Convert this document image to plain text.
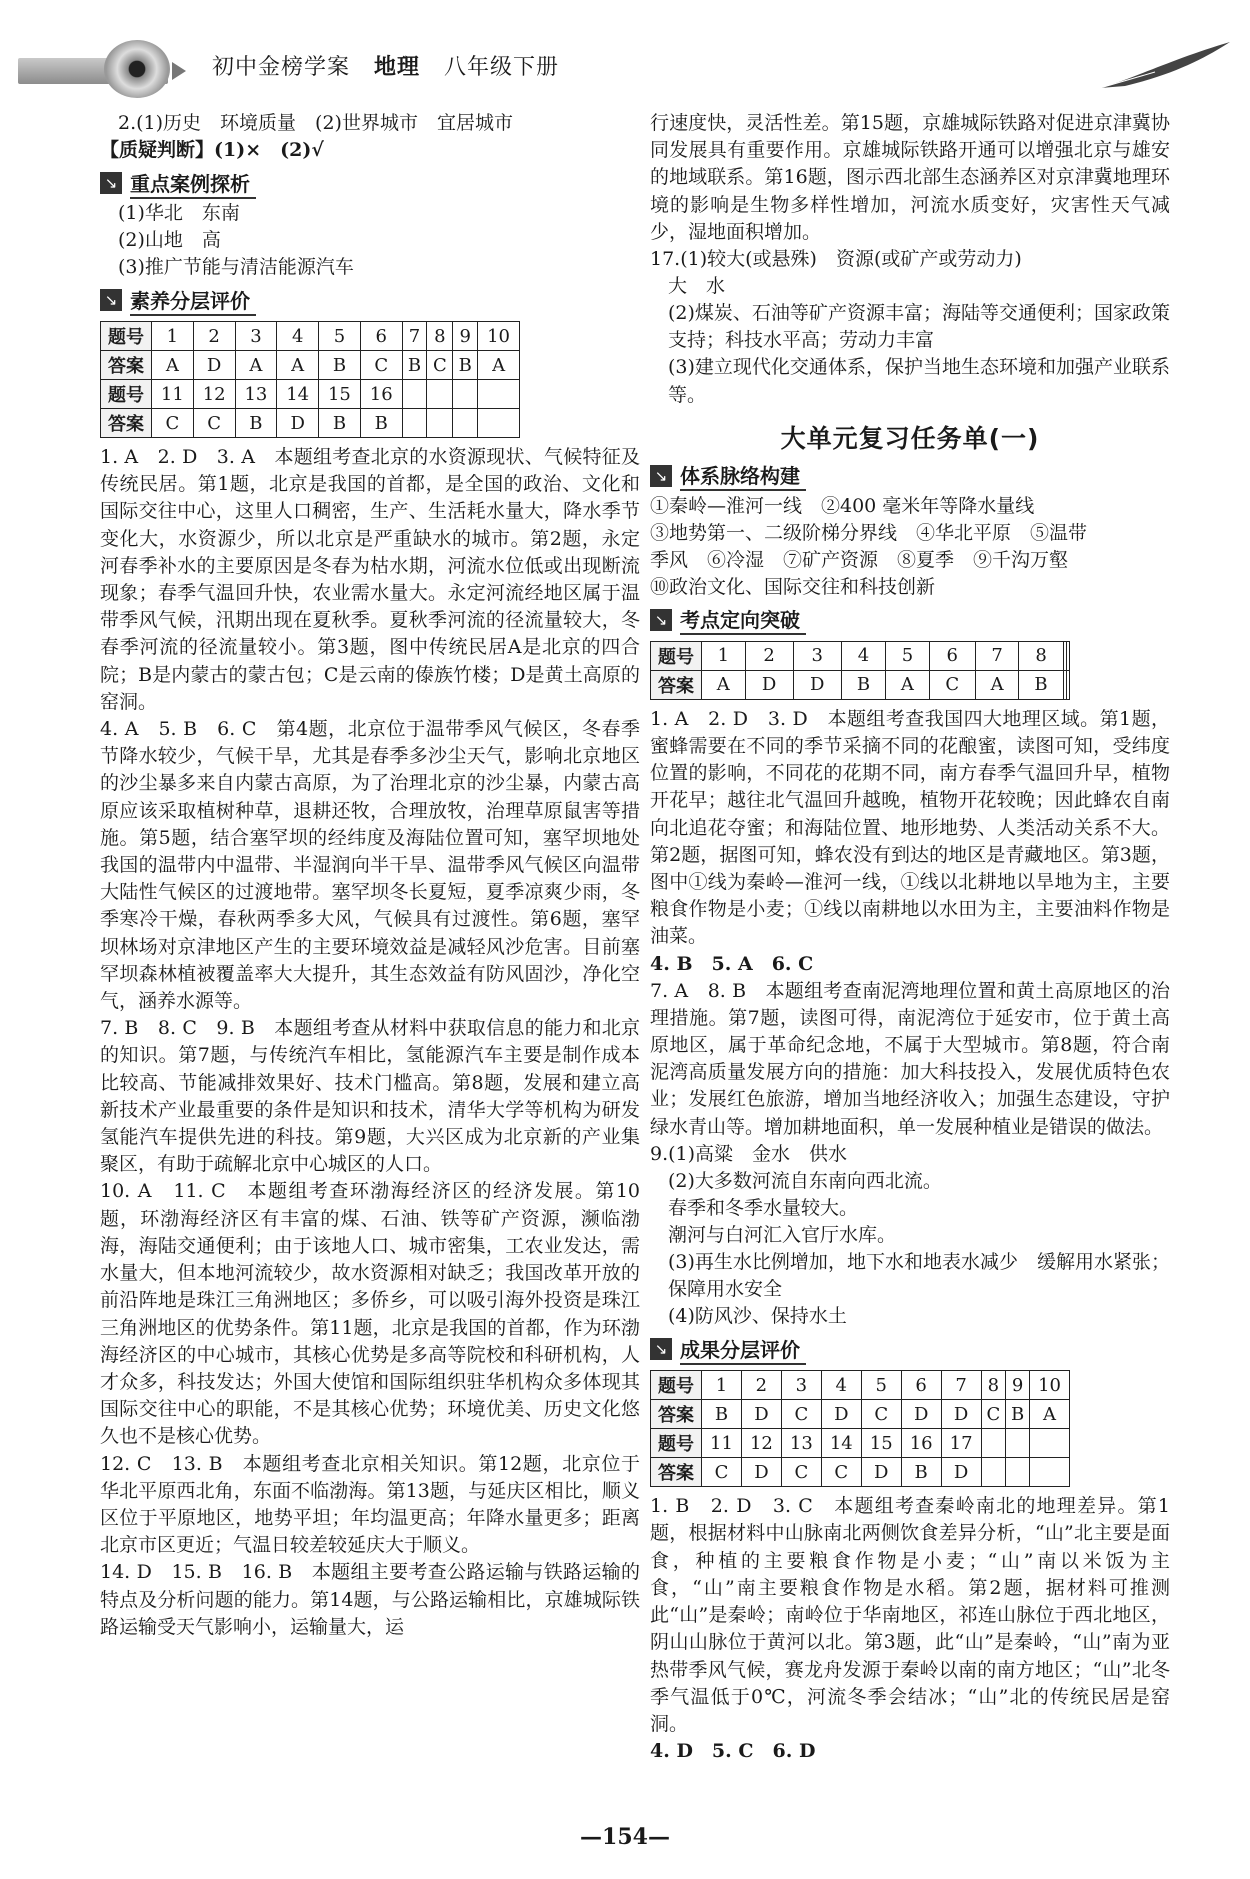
初中金榜学案 地理 八年级下册
2.(1)历史　环境质量　(2)世界城市　宜居城市
【质疑判断】(1)×　(2)√
↘ 重点案例探析
(1)华北　东南
(2)山地　高
(3)推广节能与清洁能源汽车
↘ 素养分层评价
题号	1	2	3	4	5	6	7	8	9	10
答案	A	D	A	A	B	C	B	C	B	A
题号	11	12	13	14	15	16				
答案	C	C	B	D	B	B				
1. A　2. D　3. A　本题组考查北京的水资源现状、气候特征及传统民居。第1题，北京是我国的首都，是全国的政治、文化和国际交往中心，这里人口稠密，生产、生活耗水量大，降水季节变化大，水资源少，所以北京是严重缺水的城市。第2题，永定河春季补水的主要原因是冬春为枯水期，河流水位低或出现断流现象；春季气温回升快，农业需水量大。永定河流经地区属于温带季风气候，汛期出现在夏秋季。夏秋季河流的径流量较大，冬春季河流的径流量较小。第3题，图中传统民居A是北京的四合院；B是内蒙古的蒙古包；C是云南的傣族竹楼；D是黄土高原的窑洞。
4. A　5. B　6. C　第4题，北京位于温带季风气候区，冬春季节降水较少，气候干旱，尤其是春季多沙尘天气，影响北京地区的沙尘暴多来自内蒙古高原，为了治理北京的沙尘暴，内蒙古高原应该采取植树种草，退耕还牧，合理放牧，治理草原鼠害等措施。第5题，结合塞罕坝的经纬度及海陆位置可知，塞罕坝地处我国的温带内中温带、半湿润向半干旱、温带季风气候区向温带大陆性气候区的过渡地带。塞罕坝冬长夏短，夏季凉爽少雨，冬季寒冷干燥，春秋两季多大风，气候具有过渡性。第6题，塞罕坝林场对京津地区产生的主要环境效益是减轻风沙危害。目前塞罕坝森林植被覆盖率大大提升，其生态效益有防风固沙，净化空气，涵养水源等。
7. B　8. C　9. B　本题组考查从材料中获取信息的能力和北京的知识。第7题，与传统汽车相比，氢能源汽车主要是制作成本比较高、节能减排效果好、技术门槛高。第8题，发展和建立高新技术产业最重要的条件是知识和技术，清华大学等机构为研发氢能汽车提供先进的科技。第9题，大兴区成为北京新的产业集聚区，有助于疏解北京中心城区的人口。
10. A　11. C　本题组考查环渤海经济区的经济发展。第10题，环渤海经济区有丰富的煤、石油、铁等矿产资源，濒临渤海，海陆交通便利；由于该地人口、城市密集，工农业发达，需水量大，但本地河流较少，故水资源相对缺乏；我国改革开放的前沿阵地是珠江三角洲地区；多侨乡，可以吸引海外投资是珠江三角洲地区的优势条件。第11题，北京是我国的首都，作为环渤海经济区的中心城市，其核心优势是多高等院校和科研机构，人才众多，科技发达；外国大使馆和国际组织驻华机构众多体现其国际交往中心的职能，不是其核心优势；环境优美、历史文化悠久也不是核心优势。
12. C　13. B　本题组考查北京相关知识。第12题，北京位于华北平原西北角，东面不临渤海。第13题，与延庆区相比，顺义区位于平原地区，地势平坦；年均温更高；年降水量更多；距离北京市区更近；气温日较差较延庆大于顺义。
14. D　15. B　16. B　本题组主要考查公路运输与铁路运输的特点及分析问题的能力。第14题，与公路运输相比，京雄城际铁路运输受天气影响小，运输量大，运
行速度快，灵活性差。第15题，京雄城际铁路对促进京津冀协同发展具有重要作用。京雄城际铁路开通可以增强北京与雄安的地域联系。第16题，图示西北部生态涵养区对京津冀地理环境的影响是生物多样性增加，河流水质变好，灾害性天气减少，湿地面积增加。
17.(1)较大(或悬殊)　资源(或矿产或劳动力)
大　水
(2)煤炭、石油等矿产资源丰富；海陆等交通便利；国家政策支持；科技水平高；劳动力丰富
(3)建立现代化交通体系，保护当地生态环境和加强产业联系等。
大单元复习任务单(一)
↘ 体系脉络构建
①秦岭—淮河一线　②400 毫米年等降水量线
③地势第一、二级阶梯分界线　④华北平原　⑤温带
季风　⑥冷湿　⑦矿产资源　⑧夏季　⑨千沟万壑
⑩政治文化、国际交往和科技创新
↘ 考点定向突破
题号	1	2	3	4	5	6	7	8		
答案	A	D	D	B	A	C	A	B		
1. A　2. D　3. D　本题组考查我国四大地理区域。第1题，蜜蜂需要在不同的季节采摘不同的花酿蜜，读图可知，受纬度位置的影响，不同花的花期不同，南方春季气温回升早，植物开花早；越往北气温回升越晚，植物开花较晚；因此蜂农自南向北追花夺蜜；和海陆位置、地形地势、人类活动关系不大。第2题，据图可知，蜂农没有到达的地区是青藏地区。第3题，图中①线为秦岭—淮河一线，①线以北耕地以旱地为主，主要粮食作物是小麦；①线以南耕地以水田为主，主要油料作物是油菜。
4. B　5. A　6. C
7. A　8. B　本题组考查南泥湾地理位置和黄土高原地区的治理措施。第7题，读图可得，南泥湾位于延安市，位于黄土高原地区，属于革命纪念地，不属于大型城市。第8题，符合南泥湾高质量发展方向的措施：加大科技投入，发展优质特色农业；发展红色旅游，增加当地经济收入；加强生态建设，守护绿水青山等。增加耕地面积，单一发展种植业是错误的做法。
9.(1)高粱　金水　供水
(2)大多数河流自东南向西北流。
春季和冬季水量较大。
潮河与白河汇入官厅水库。
(3)再生水比例增加，地下水和地表水减少　缓解用水紧张；保障用水安全
(4)防风沙、保持水土
↘ 成果分层评价
题号	1	2	3	4	5	6	7	8	9	10
答案	B	D	C	D	C	D	D	C	B	A
题号	11	12	13	14	15	16	17			
答案	C	D	C	C	D	B	D			
1. B　2. D　3. C　本题组考查秦岭南北的地理差异。第1题，根据材料中山脉南北两侧饮食差异分析，“山”北主要是面食，种植的主要粮食作物是小麦；“山”南以米饭为主食，“山”南主要粮食作物是水稻。第2题，据材料可推测此“山”是秦岭；南岭位于华南地区，祁连山脉位于西北地区，阴山山脉位于黄河以北。第3题，此“山”是秦岭，“山”南为亚热带季风气候，赛龙舟发源于秦岭以南的南方地区；“山”北冬季气温低于0℃，河流冬季会结冰；“山”北的传统民居是窑洞。
4. D　5. C　6. D
—154—
